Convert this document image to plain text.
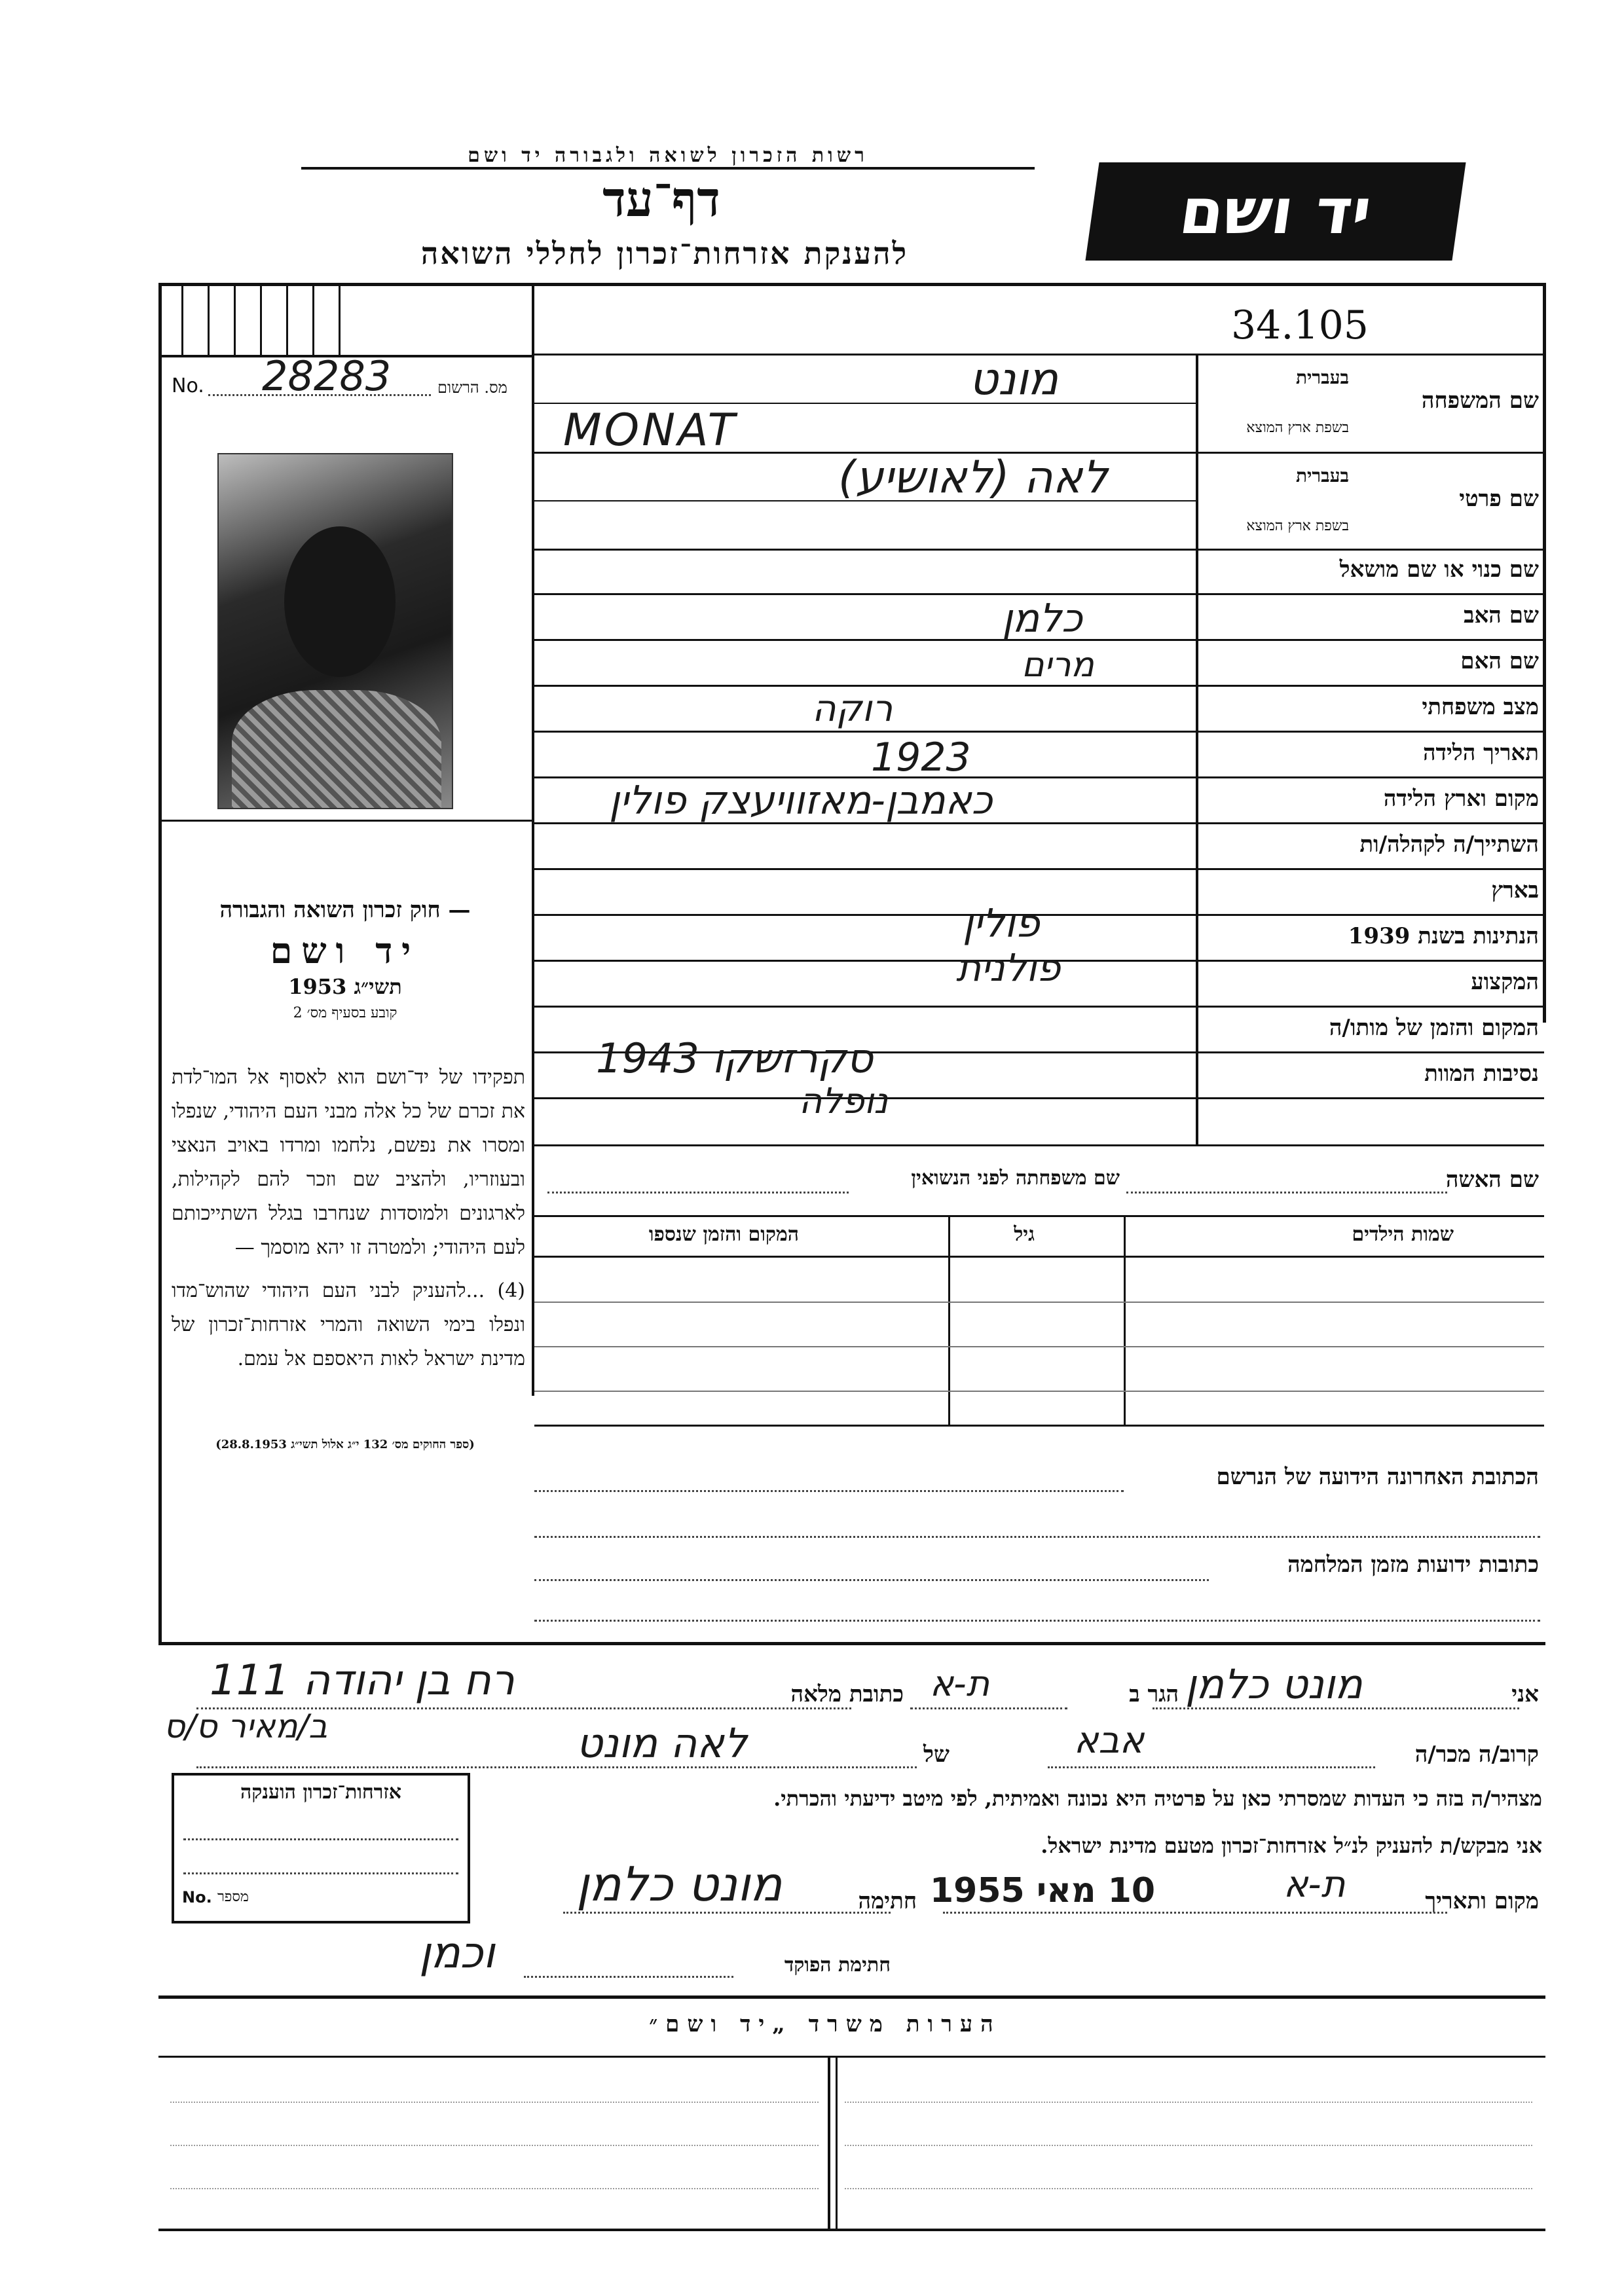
יד ושם
רשות הזכרון לשואה ולגבורה יד ושם
דף־עד
להענקת אזרחות־זכרון לחללי השואה
34.105
No. 28283	מס. הרשום
— חוק זכרון השואה והגבורה
יד ושם
תשי״ג 1953
קובע בסעיף מס׳ 2

תפקידו של יד־ושם הוא לאסוף אל המו־לדת את זכרם של כל אלה מבני העם היהודי, שנפלו ומסרו את נפשם, נלחמו ומרדו באויב הנאצי ובעוזריו, ולהציב שם וזכר להם לקהילות, לארגונים ולמוסדות שנחרבו בגלל השתייכותם לעם היהודי; ולמטרה זו יהא מוסמך —

(4) ...להעניק לבני העם היהודי שהוש־מדו ונפלו בימי השואה והמרי אזרחות־זכרון של מדינת ישראל לאות היאספם אל עמם.

(ספר החוקים מס׳ 132 י״ג אלול תשי״ג 28.8.1953)
שם המשפחה
בעברית
בשפת ארץ המוצא
שם פרטי
בעברית
בשפת ארץ המוצא
שם כנוי או שם מושאל
שם האב
שם האם
מצב משפחתי
תאריך הלידה
מקום וארץ הלידה
השתייך/ה לקהלה/ות
בארץ
הנתינות בשנת 1939
המקצוע
המקום והזמן של מותו/ה
נסיבות המוות
מונט
MONAT
לאה (לאושיע)
כלמן
מרים
רוקה
1923
כאמבן-מאזוויעצק פולין
פולין
פולנית
סקרזשקו 1943
נופלה
שם האשה
שם משפחתה לפני הנשואין
שמות הילדים
גיל
המקום והזמן שנספו
הכתובת האחרונה הידועה של הנרשם
כתובות ידועות מזמן המלחמה
אני
מונט כלמן
הגר ב
ת-א
כתובת מלאה
רח בן יהודה 111
ב/מאיר ס/ס
קרוב/ה מכר/ה
אבא
של
לאה מונט
מצהיר/ה בזה כי העדות שמסרתי כאן על פרטיה היא נכונה ואמיתית, לפי מיטב ידיעתי והכרתי.
אני מבקש/ת להעניק לנ״ל אזרחות־זכרון מטעם מדינת ישראל.
מקום ותאריך
ת-א
10 מאי 1955
חתימה
מונט כלמן
חתימת הפוקד
וכמן
אזרחות־זכרון הוענקה
No. מספר
הערות משרד „יד ושם״
